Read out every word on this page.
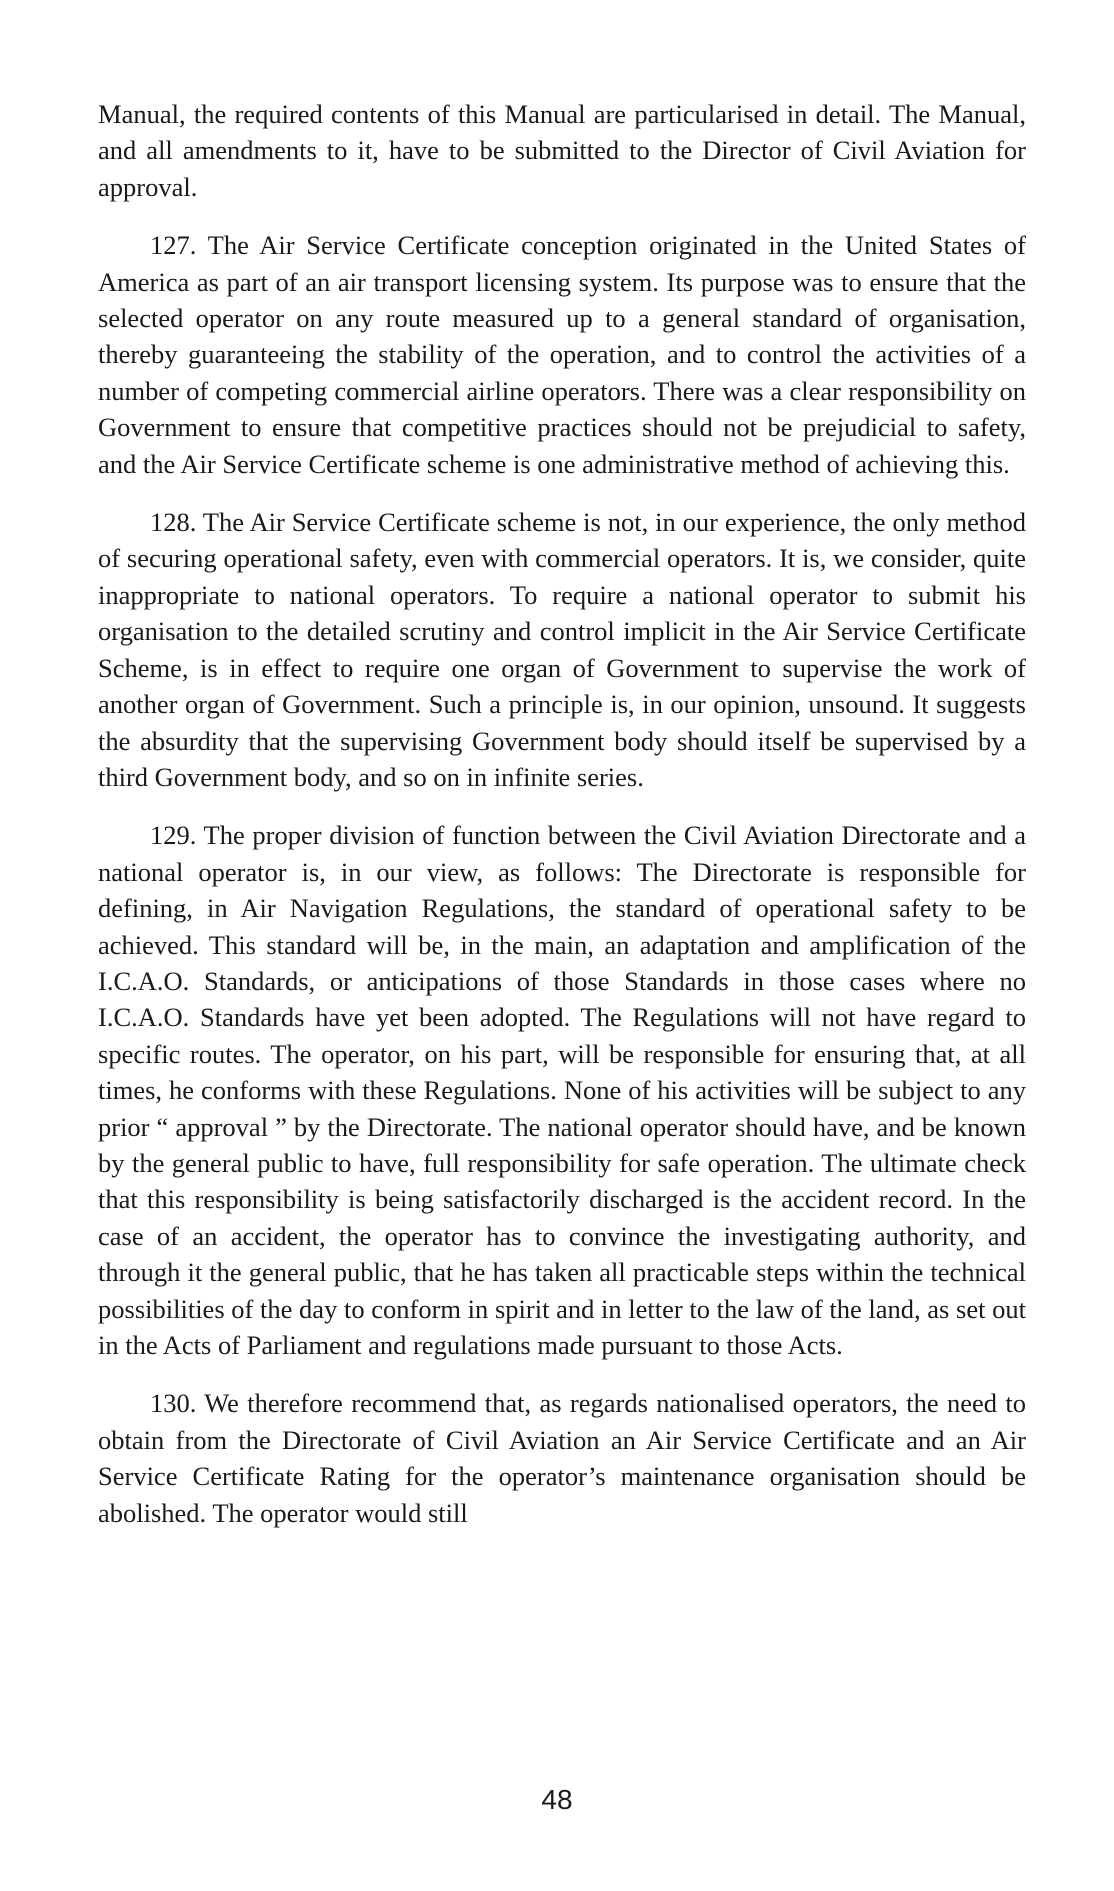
Manual, the required contents of this Manual are particularised in detail. The Manual, and all amendments to it, have to be submitted to the Director of Civil Aviation for approval.

127. The Air Service Certificate conception originated in the United States of America as part of an air transport licensing system. Its purpose was to ensure that the selected operator on any route measured up to a general standard of organisation, thereby guaranteeing the stability of the operation, and to control the activities of a number of competing commercial airline operators. There was a clear responsibility on Government to ensure that competitive practices should not be prejudicial to safety, and the Air Service Certificate scheme is one administrative method of achieving this.

128. The Air Service Certificate scheme is not, in our experience, the only method of securing operational safety, even with commercial operators. It is, we consider, quite inappropriate to national operators. To require a national operator to submit his organisation to the detailed scrutiny and control implicit in the Air Service Certificate Scheme, is in effect to require one organ of Government to supervise the work of another organ of Government. Such a principle is, in our opinion, unsound. It suggests the absurdity that the supervising Government body should itself be supervised by a third Government body, and so on in infinite series.

129. The proper division of function between the Civil Aviation Directorate and a national operator is, in our view, as follows: The Directorate is responsible for defining, in Air Navigation Regulations, the standard of operational safety to be achieved. This standard will be, in the main, an adaptation and amplification of the I.C.A.O. Standards, or anticipations of those Standards in those cases where no I.C.A.O. Standards have yet been adopted. The Regulations will not have regard to specific routes. The operator, on his part, will be responsible for ensuring that, at all times, he conforms with these Regulations. None of his activities will be subject to any prior “ approval ” by the Directorate. The national operator should have, and be known by the general public to have, full responsibility for safe operation. The ultimate check that this responsibility is being satisfactorily discharged is the accident record. In the case of an accident, the operator has to convince the investigating authority, and through it the general public, that he has taken all practicable steps within the technical possibilities of the day to conform in spirit and in letter to the law of the land, as set out in the Acts of Parliament and regulations made pursuant to those Acts.

130. We therefore recommend that, as regards nationalised operators, the need to obtain from the Directorate of Civil Aviation an Air Service Certificate and an Air Service Certificate Rating for the operator’s maintenance organisation should be abolished. The operator would still

48
